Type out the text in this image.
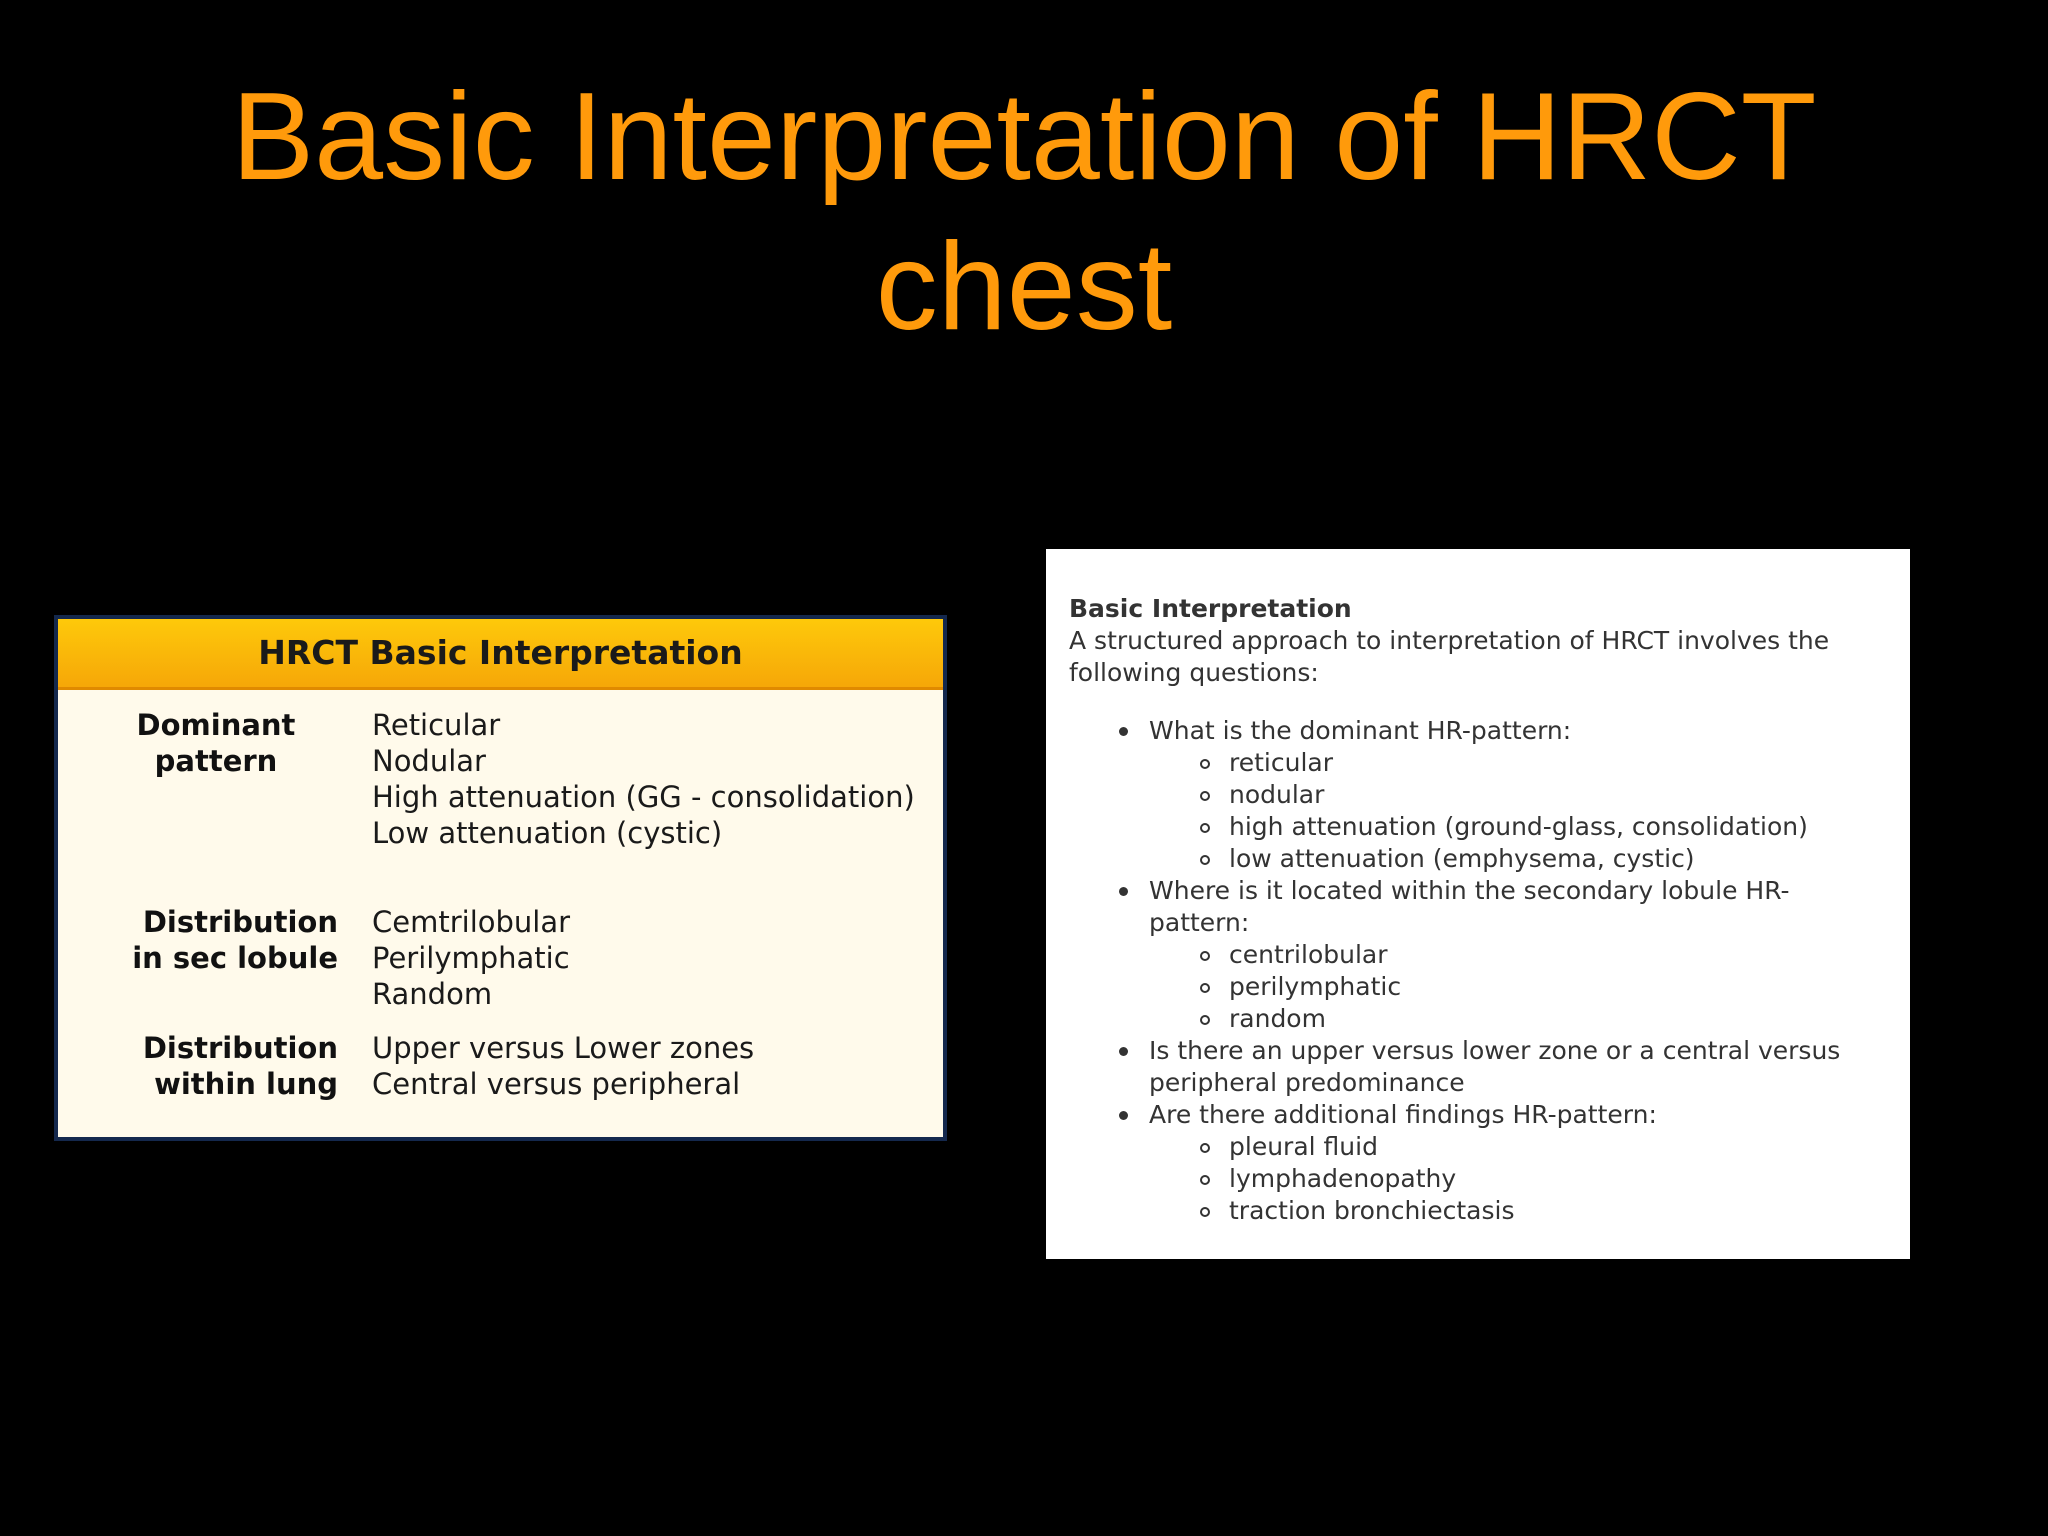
Basic Interpretation of HRCT
chest
HRCT Basic Interpretation
Dominant
pattern
Reticular
Nodular
High attenuation (GG - consolidation)
Low attenuation (cystic)
Distribution
in sec lobule
Cemtrilobular
Perilymphatic
Random
Distribution
within lung
Upper versus Lower zones
Central versus peripheral
Basic Interpretation

A structured approach to interpretation of HRCT involves the following questions:

What is the dominant HR-pattern:
reticular
nodular
high attenuation (ground-glass, consolidation)
low attenuation (emphysema, cystic)
Where is it located within the secondary lobule HR-pattern:
centrilobular
perilymphatic
random
Is there an upper versus lower zone or a central versus peripheral predominance
Are there additional findings HR-pattern:
pleural fluid
lymphadenopathy
traction bronchiectasis
